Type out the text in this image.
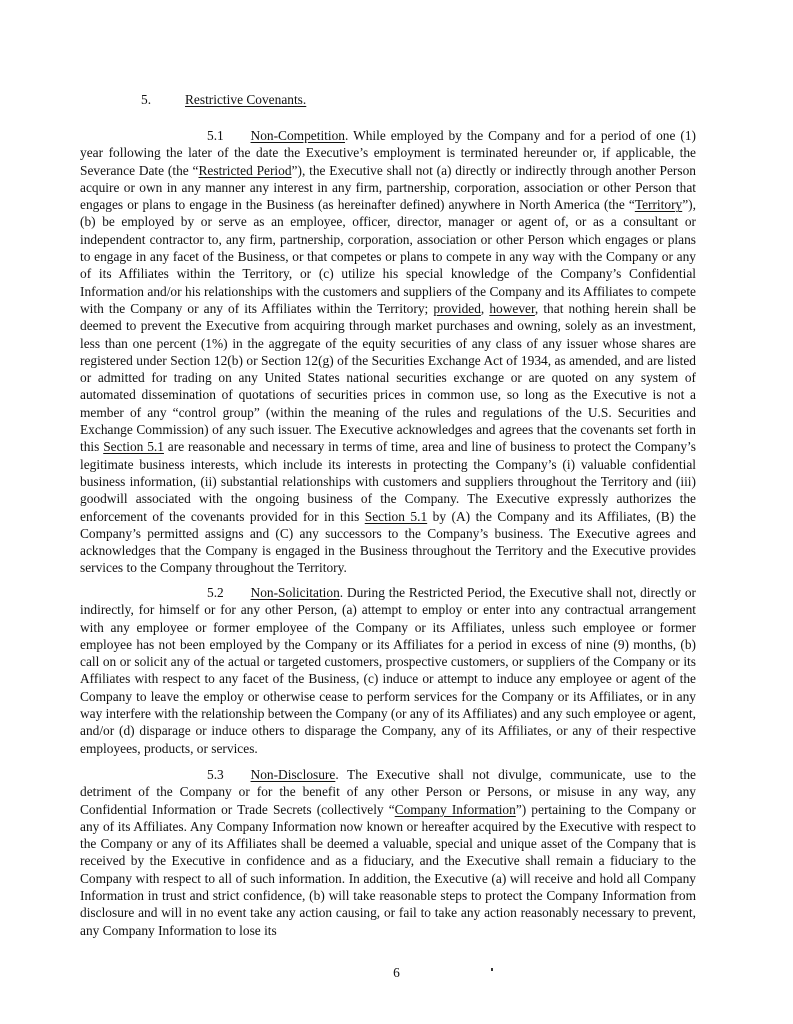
5.	Restrictive Covenants.

5.1   Non-Competition. While employed by the Company and for a period of one (1) year following the later of the date the Executive’s employment is terminated hereunder or, if applicable, the Severance Date (the “Restricted Period”), the Executive shall not (a) directly or indirectly through another Person acquire or own in any manner any interest in any firm, partnership, corporation, association or other Person that engages or plans to engage in the Business (as hereinafter defined) anywhere in North America (the “Territory”), (b) be employed by or serve as an employee, officer, director, manager or agent of, or as a consultant or independent contractor to, any firm, partnership, corporation, association or other Person which engages or plans to engage in any facet of the Business, or that competes or plans to compete in any way with the Company or any of its Affiliates within the Territory, or (c) utilize his special knowledge of the Company’s Confidential Information and/or his relationships with the customers and suppliers of the Company and its Affiliates to compete with the Company or any of its Affiliates within the Territory; provided, however, that nothing herein shall be deemed to prevent the Executive from acquiring through market purchases and owning, solely as an investment, less than one percent (1%) in the aggregate of the equity securities of any class of any issuer whose shares are registered under Section 12(b) or Section 12(g) of the Securities Exchange Act of 1934, as amended, and are listed or admitted for trading on any United States national securities exchange or are quoted on any system of automated dissemination of quotations of securities prices in common use, so long as the Executive is not a member of any “control group” (within the meaning of the rules and regulations of the U.S. Securities and Exchange Commission) of any such issuer. The Executive acknowledges and agrees that the covenants set forth in this Section 5.1 are reasonable and necessary in terms of time, area and line of business to protect the Company’s legitimate business interests, which include its interests in protecting the Company’s (i) valuable confidential business information, (ii) substantial relationships with customers and suppliers throughout the Territory and (iii) goodwill associated with the ongoing business of the Company. The Executive expressly authorizes the enforcement of the covenants provided for in this Section 5.1 by (A) the Company and its Affiliates, (B) the Company’s permitted assigns and (C) any successors to the Company’s business. The Executive agrees and acknowledges that the Company is engaged in the Business throughout the Territory and the Executive provides services to the Company throughout the Territory.

5.2   Non-Solicitation. During the Restricted Period, the Executive shall not, directly or indirectly, for himself or for any other Person, (a) attempt to employ or enter into any contractual arrangement with any employee or former employee of the Company or its Affiliates, unless such employee or former employee has not been employed by the Company or its Affiliates for a period in excess of nine (9) months, (b) call on or solicit any of the actual or targeted customers, prospective customers, or suppliers of the Company or its Affiliates with respect to any facet of the Business, (c) induce or attempt to induce any employee or agent of the Company to leave the employ or otherwise cease to perform services for the Company or its Affiliates, or in any way interfere with the relationship between the Company (or any of its Affiliates) and any such employee or agent, and/or (d) disparage or induce others to disparage the Company, any of its Affiliates, or any of their respective employees, products, or services.

5.3   Non-Disclosure. The Executive shall not divulge, communicate, use to the detriment of the Company or for the benefit of any other Person or Persons, or misuse in any way, any Confidential Information or Trade Secrets (collectively “Company Information”) pertaining to the Company or any of its Affiliates. Any Company Information now known or hereafter acquired by the Executive with respect to the Company or any of its Affiliates shall be deemed a valuable, special and unique asset of the Company that is received by the Executive in confidence and as a fiduciary, and the Executive shall remain a fiduciary to the Company with respect to all of such information. In addition, the Executive (a) will receive and hold all Company Information in trust and strict confidence, (b) will take reasonable steps to protect the Company Information from disclosure and will in no event take any action causing, or fail to take any action reasonably necessary to prevent, any Company Information to lose its

6
